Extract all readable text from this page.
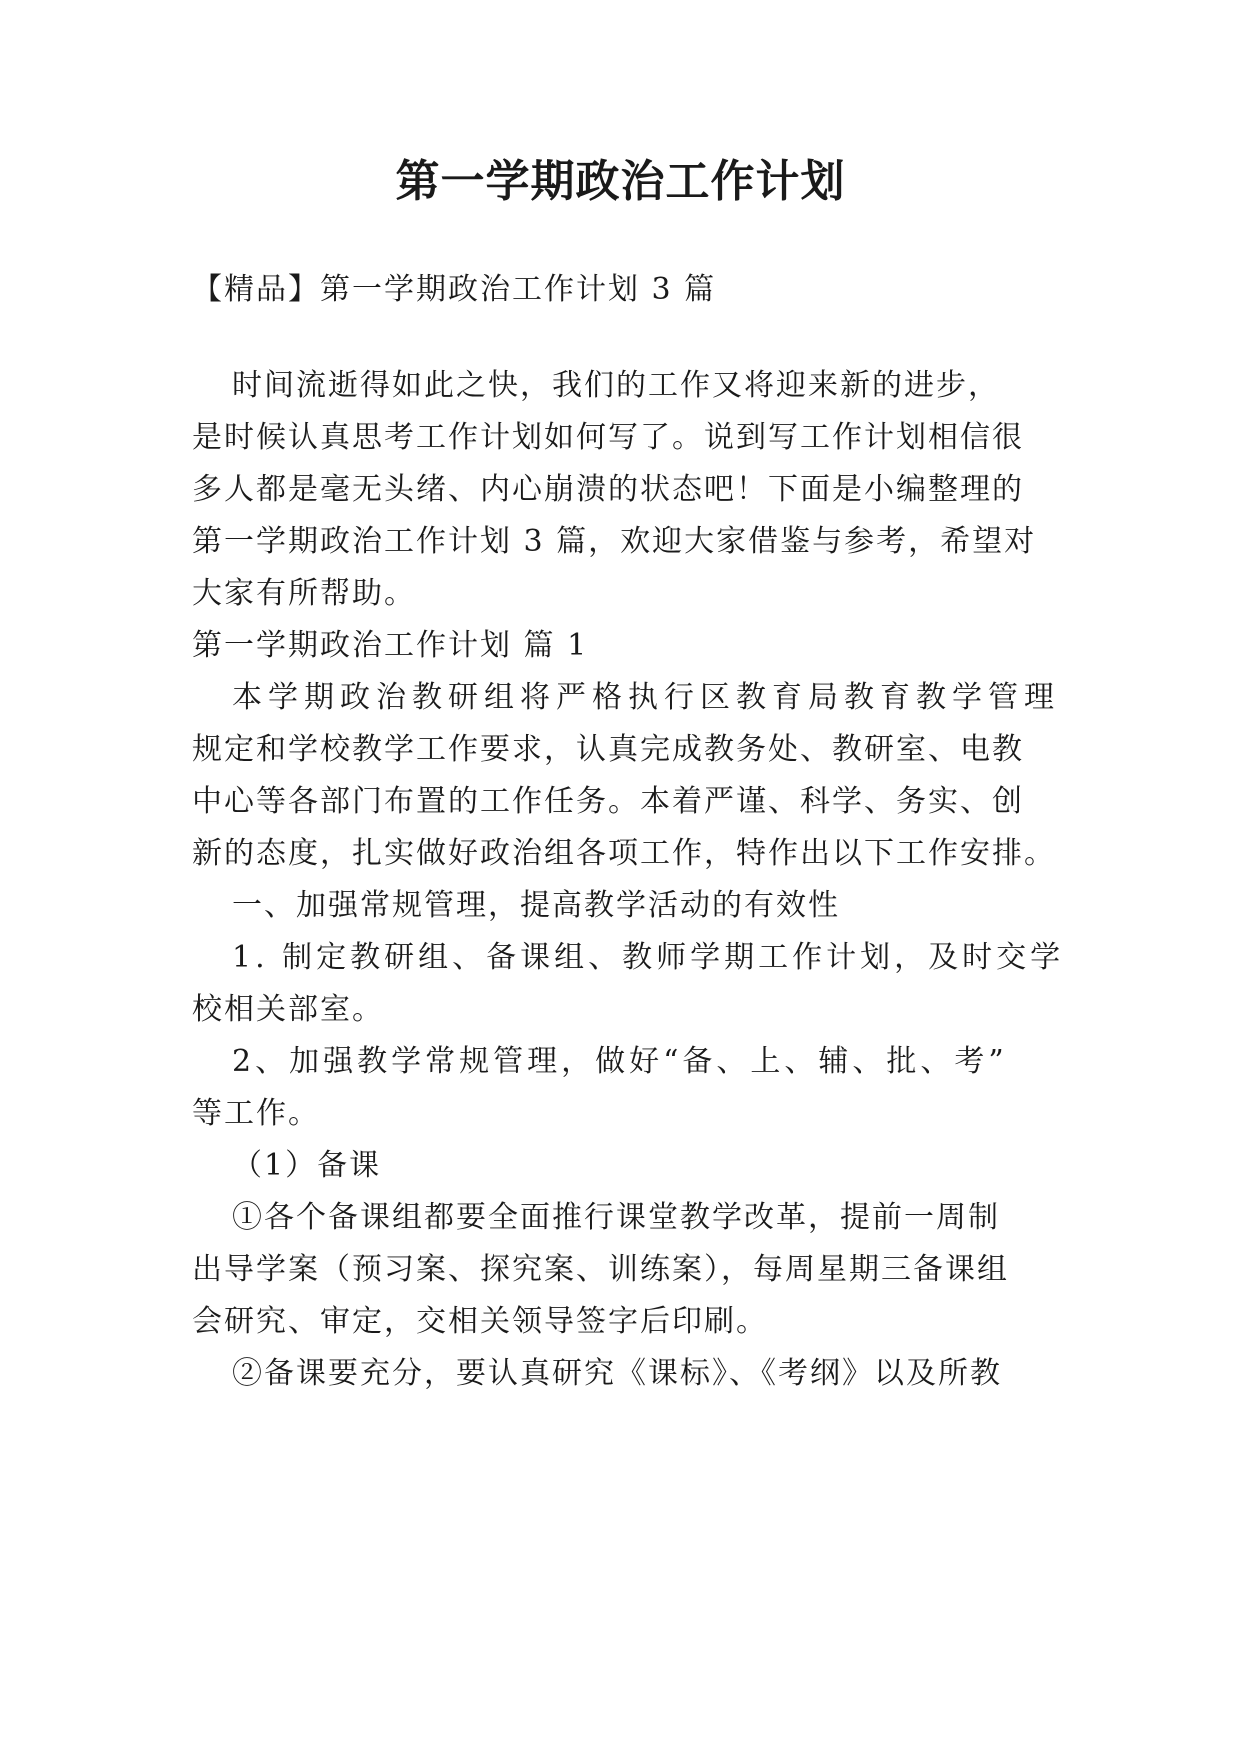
第一学期政治工作计划

【精品】第一学期政治工作计划 3 篇

时间流逝得如此之快，我们的工作又将迎来新的进步，

是时候认真思考工作计划如何写了。说到写工作计划相信很

多人都是毫无头绪、内心崩溃的状态吧！下面是小编整理的

第一学期政治工作计划 3 篇，欢迎大家借鉴与参考，希望对

大家有所帮助。

第一学期政治工作计划 篇 1

本学期政治教研组将严格执行区教育局教育教学管理

规定和学校教学工作要求，认真完成教务处、教研室、电教

中心等各部门布置的工作任务。本着严谨、科学、务实、创

新的态度，扎实做好政治组各项工作，特作出以下工作安排。

一、加强常规管理，提高教学活动的有效性

1. 制定教研组、备课组、教师学期工作计划，及时交学

校相关部室。

2、加强教学常规管理，做好“备、上、辅、批、考”

等工作。

（1）备课

①各个备课组都要全面推行课堂教学改革，提前一周制

出导学案（预习案、探究案、训练案），每周星期三备课组

会研究、审定，交相关领导签字后印刷。

②备课要充分，要认真研究《课标》、《考纲》以及所教
